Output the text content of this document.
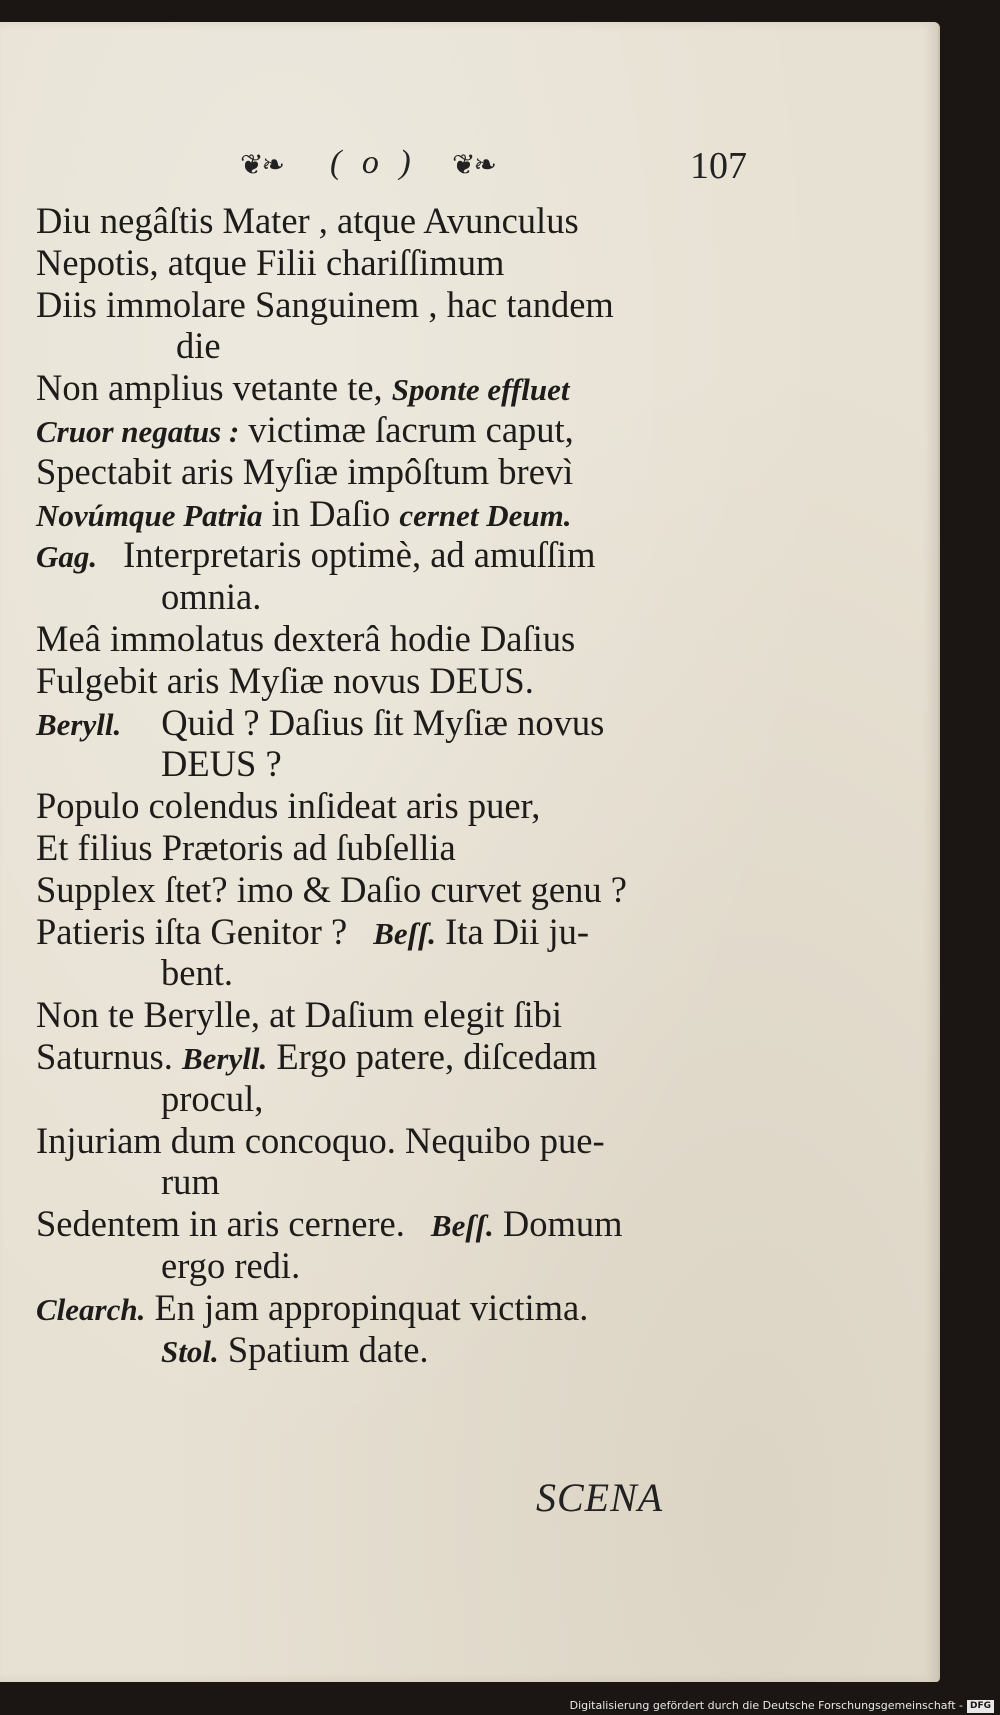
❦❧ ( o ) ❦❧	107
Diu negâſtis Mater , atque Avunculus
Nepotis, atque Filii chariſſimum
Diis immolare Sanguinem , hac tandem
die
Non amplius vetante te, Sponte effluet
Cruor negatus : victimæ ſacrum caput,
Spectabit aris Myſiæ impôſtum brevì
Novúmque Patria in Daſio cernet Deum.
Gag. Interpretaris optimè, ad amuſſim
omnia.
Meâ immolatus dexterâ hodie Daſius
Fulgebit aris Myſiæ novus DEUS.
Beryll. Quid ? Daſius ſit Myſiæ novus
DEUS ?
Populo colendus inſideat aris puer,
Et filius Prætoris ad ſubſellia
Supplex ſtet? imo & Daſio curvet genu ?
Patieris iſta Genitor ? Beſſ. Ita Dii ju-
bent.
Non te Berylle, at Daſium elegit ſibi
Saturnus. Beryll. Ergo patere, diſcedam
procul,
Injuriam dum concoquo. Nequibo pue-
rum
Sedentem in aris cernere. Beſſ. Domum
ergo redi.
Clearch. En jam appropinquat victima.
Stol. Spatium date.
SCENA
Digitalisierung gefördert durch die Deutsche Forschungsgemeinschaft - DFG
